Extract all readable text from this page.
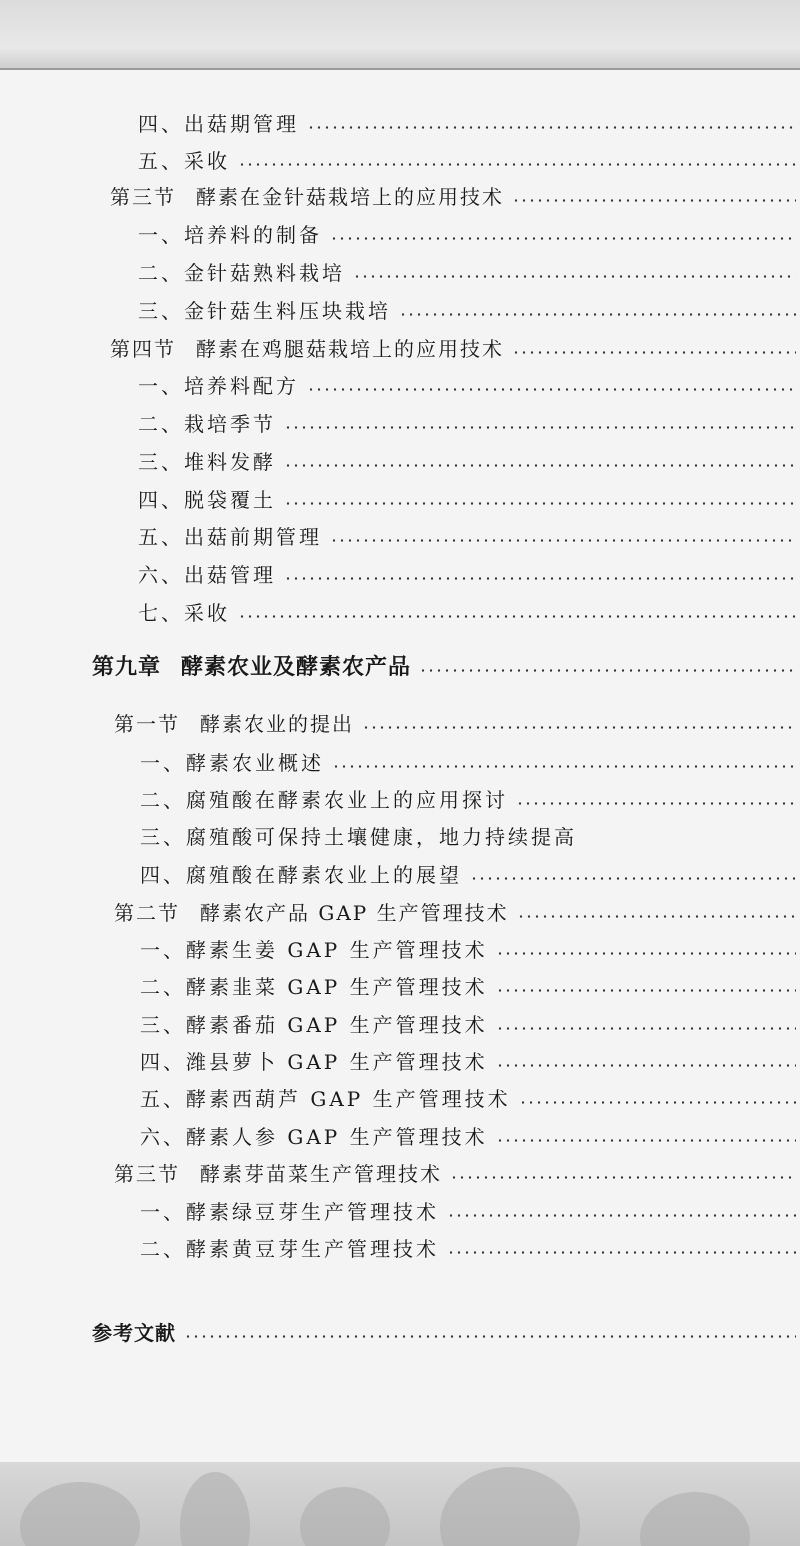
四、出菇期管理
五、采收
第三节 酵素在金针菇栽培上的应用技术
一、培养料的制备
二、金针菇熟料栽培
三、金针菇生料压块栽培
第四节 酵素在鸡腿菇栽培上的应用技术
一、培养料配方
二、栽培季节
三、堆料发酵
四、脱袋覆土
五、出菇前期管理
六、出菇管理
七、采收
第九章 酵素农业及酵素农产品
第一节 酵素农业的提出
一、酵素农业概述
二、腐殖酸在酵素农业上的应用探讨
三、腐殖酸可保持土壤健康，地力持续提高
四、腐殖酸在酵素农业上的展望
第二节 酵素农产品 GAP 生产管理技术
一、酵素生姜 GAP 生产管理技术
二、酵素韭菜 GAP 生产管理技术
三、酵素番茄 GAP 生产管理技术
四、潍县萝卜 GAP 生产管理技术
五、酵素西葫芦 GAP 生产管理技术
六、酵素人参 GAP 生产管理技术
第三节 酵素芽苗菜生产管理技术
一、酵素绿豆芽生产管理技术
二、酵素黄豆芽生产管理技术
参考文献
